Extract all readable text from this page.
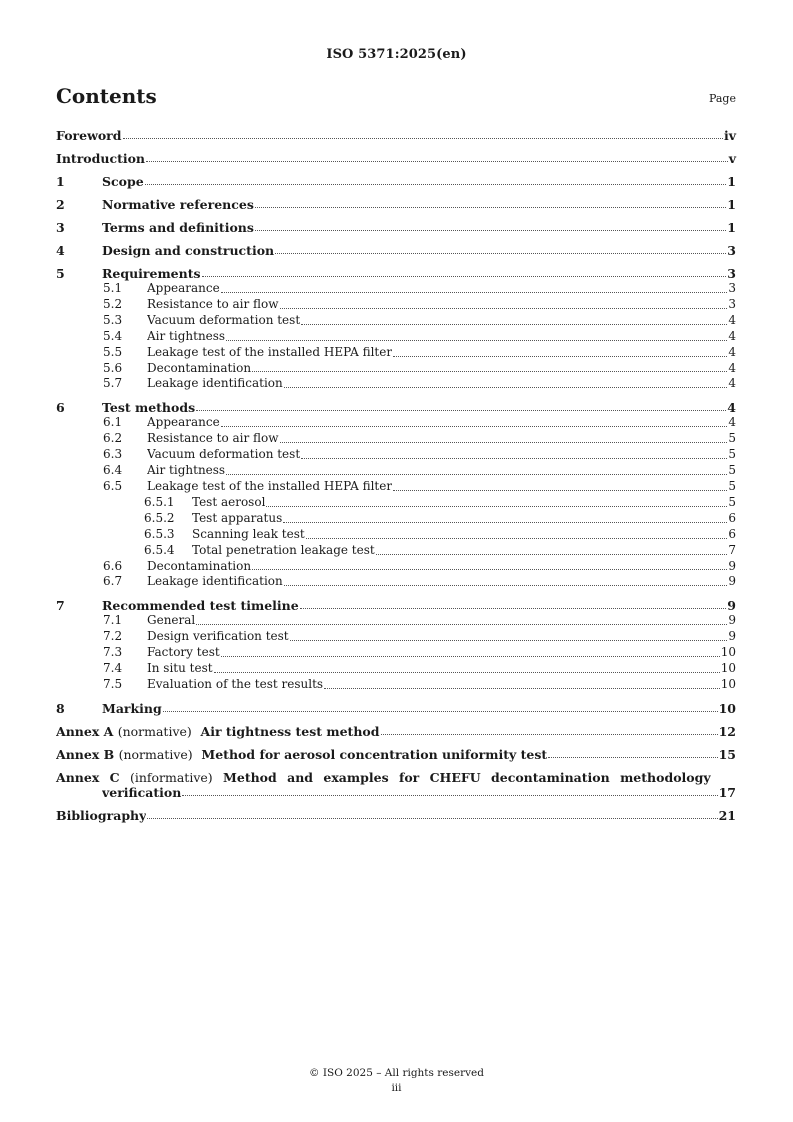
ISO 5371:2025(en)
Contents	Page
Foreword	iv
Introduction	v
1	Scope	1
2	Normative references	1
3	Terms and definitions	1
4	Design and construction	3
5	Requirements	3
5.1	Appearance	3
5.2	Resistance to air flow	3
5.3	Vacuum deformation test	4
5.4	Air tightness	4
5.5	Leakage test of the installed HEPA filter	4
5.6	Decontamination	4
5.7	Leakage identification	4
6	Test methods	4
6.1	Appearance	4
6.2	Resistance to air flow	5
6.3	Vacuum deformation test	5
6.4	Air tightness	5
6.5	Leakage test of the installed HEPA filter	5
6.5.1	Test aerosol	5
6.5.2	Test apparatus	6
6.5.3	Scanning leak test	6
6.5.4	Total penetration leakage test	7
6.6	Decontamination	9
6.7	Leakage identification	9
7	Recommended test timeline	9
7.1	General	9
7.2	Design verification test	9
7.3	Factory test	10
7.4	In situ test	10
7.5	Evaluation of the test results	10
8	Marking	10
Annex A (normative) Air tightness test method	12
Annex B (normative) Method for aerosol concentration uniformity test	15
Annex C (informative) Method and examples for CHEFU decontamination methodology
verification	17
Bibliography	21
© ISO 2025 – All rights reserved
iii
